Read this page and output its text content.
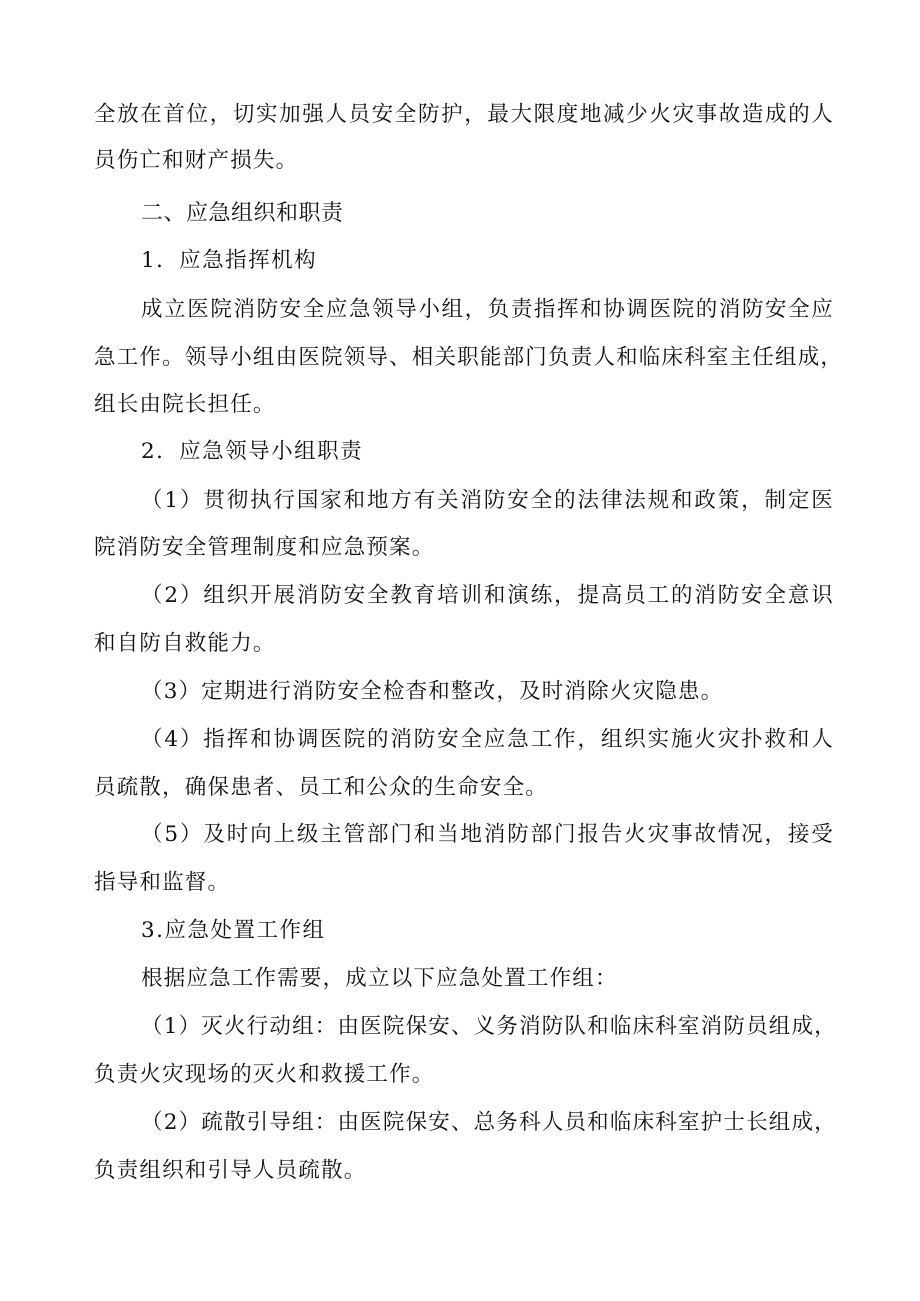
全放在首位，切实加强人员安全防护，最大限度地减少火灾事故造成的人
员伤亡和财产损失。
二、应急组织和职责
1．应急指挥机构
成立医院消防安全应急领导小组，负责指挥和协调医院的消防安全应
急工作。领导小组由医院领导、相关职能部门负责人和临床科室主任组成，
组长由院长担任。
2．应急领导小组职责
（1）贯彻执行国家和地方有关消防安全的法律法规和政策，制定医
院消防安全管理制度和应急预案。
（2）组织开展消防安全教育培训和演练，提高员工的消防安全意识
和自防自救能力。
（3）定期进行消防安全检杳和整改，及时消除火灾隐患。
（4）指挥和协调医院的消防安全应急工作，组织实施火灾扑救和人
员疏散，确保患者、员工和公众的生命安全。
（5）及时向上级主管部门和当地消防部门报告火灾事故情况，接受
指导和监督。
3.应急处置工作组
根据应急工作需要，成立以下应急处置工作组：
（1）灭火行动组：由医院保安、义务消防队和临床科室消防员组成，
负责火灾现场的灭火和救援工作。
（2）疏散引导组：由医院保安、总务科人员和临床科室护士长组成，
负责组织和引导人员疏散。
